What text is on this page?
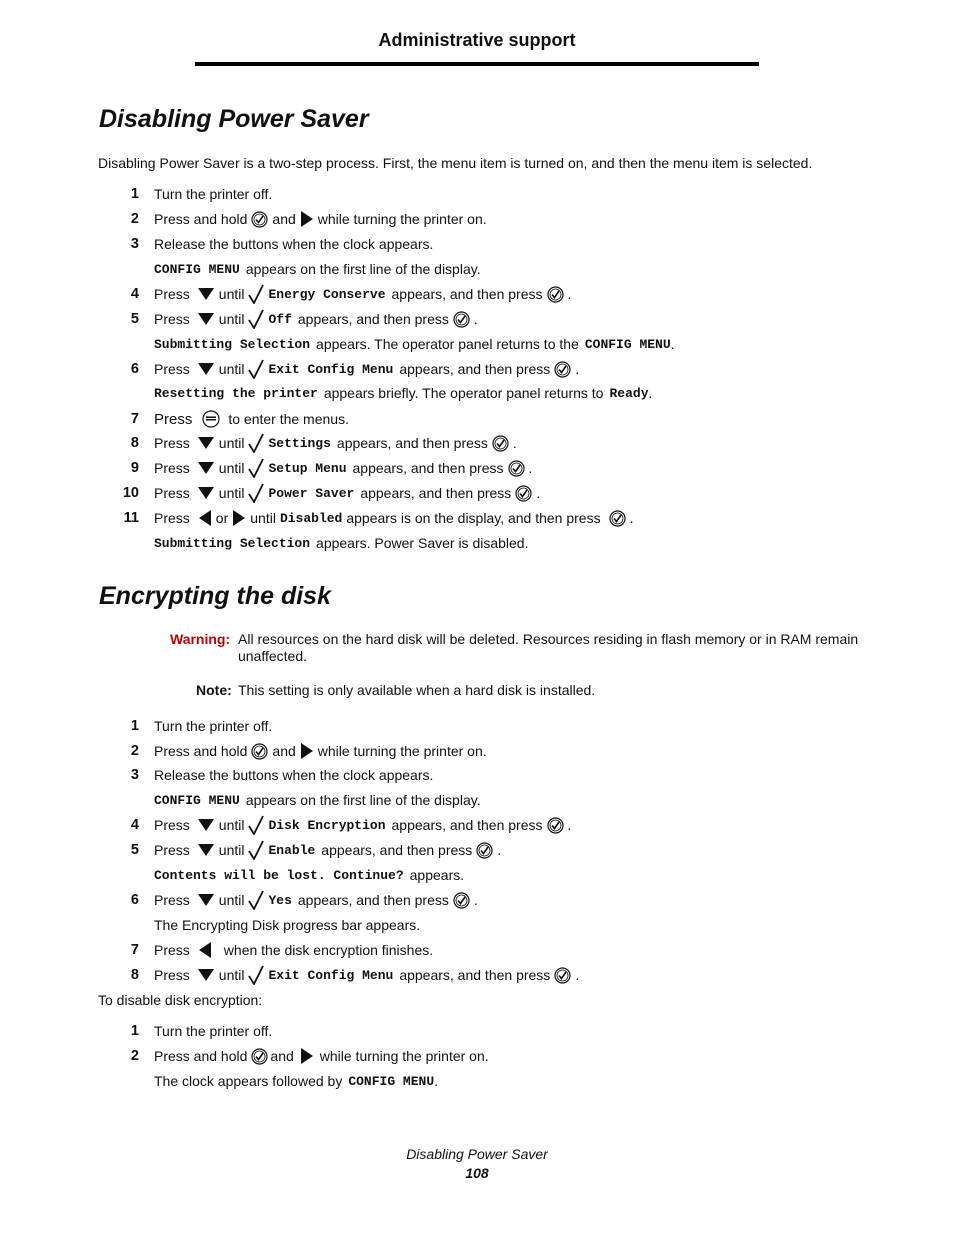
Administrative support
Disabling Power Saver
Disabling Power Saver is a two-step process. First, the menu item is turned on, and then the menu item is selected.
1 Turn the printer off.
2 Press and hold and while turning the printer on.
3 Release the buttons when the clock appears.
CONFIG MENU appears on the first line of the display.
4 Press until Energy Conserve appears, and then press .
5 Press until Off appears, and then press .
Submitting Selection appears. The operator panel returns to the CONFIG MENU .
6 Press until Exit Config Menu appears, and then press .
Resetting the printer appears briefly. The operator panel returns to Ready .
7 Press	to enter the menus.
8 Press until Settings appears, and then press .
9 Press until Setup Menu appears, and then press .
10 Press until Power Saver appears, and then press .
11 Press or until Disabled appears is on the display, and then press .
Submitting Selection appears. Power Saver is disabled.
Encrypting the disk
Warning: All resources on the hard disk will be deleted. Resources residing in flash memory or in RAM remain unaffected.
Note: This setting is only available when a hard disk is installed.
1 Turn the printer off.
2 Press and hold and while turning the printer on.
3 Release the buttons when the clock appears.
CONFIG MENU appears on the first line of the display.
4 Press until Disk Encryption appears, and then press .
5 Press until Enable appears, and then press .
Contents will be lost. Continue? appears.
6 Press until Yes appears, and then press .
The Encrypting Disk progress bar appears.
7 Press when the disk encryption finishes.
8 Press until Exit Config Menu appears, and then press .
To disable disk encryption:
1 Turn the printer off.
2 Press and hold and while turning the printer on.
The clock appears followed by CONFIG MENU .
Disabling Power Saver
108
